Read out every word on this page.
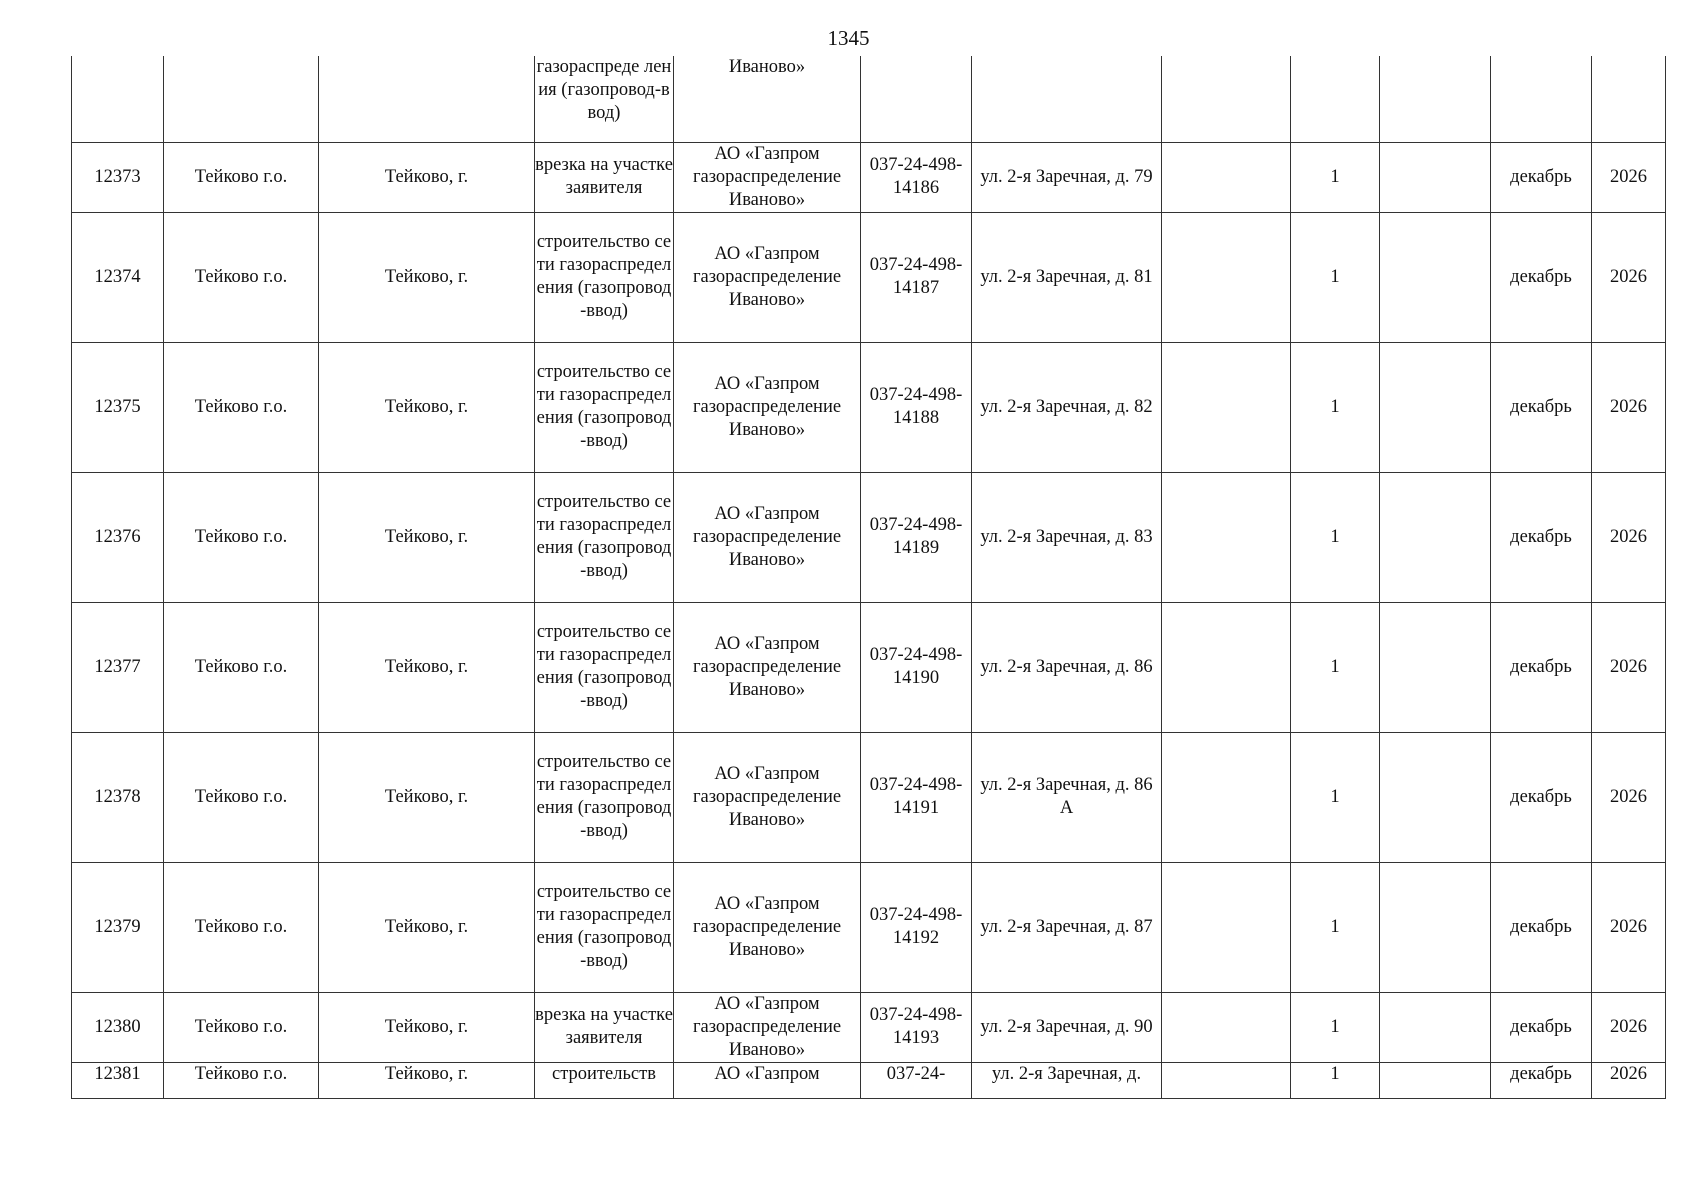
1345
			газораспреде ления (газопровод-ввод)	Иваново»							
12373	Тейково г.о.	Тейково, г.	врезка на участке заявителя	АО «Газпром газораспределение Иваново»	037-24-498-14186	ул. 2-я Заречная, д. 79		1		декабрь	2026
12374	Тейково г.о.	Тейково, г.	строительство сети газораспределения (газопровод-ввод)	АО «Газпром газораспределение Иваново»	037-24-498-14187	ул. 2-я Заречная, д. 81		1		декабрь	2026
12375	Тейково г.о.	Тейково, г.	строительство сети газораспределения (газопровод-ввод)	АО «Газпром газораспределение Иваново»	037-24-498-14188	ул. 2-я Заречная, д. 82		1		декабрь	2026
12376	Тейково г.о.	Тейково, г.	строительство сети газораспределения (газопровод-ввод)	АО «Газпром газораспределение Иваново»	037-24-498-14189	ул. 2-я Заречная, д. 83		1		декабрь	2026
12377	Тейково г.о.	Тейково, г.	строительство сети газораспределения (газопровод-ввод)	АО «Газпром газораспределение Иваново»	037-24-498-14190	ул. 2-я Заречная, д. 86		1		декабрь	2026
12378	Тейково г.о.	Тейково, г.	строительство сети газораспределения (газопровод-ввод)	АО «Газпром газораспределение Иваново»	037-24-498-14191	ул. 2-я Заречная, д. 86 А		1		декабрь	2026
12379	Тейково г.о.	Тейково, г.	строительство сети газораспределения (газопровод-ввод)	АО «Газпром газораспределение Иваново»	037-24-498-14192	ул. 2-я Заречная, д. 87		1		декабрь	2026
12380	Тейково г.о.	Тейково, г.	врезка на участке заявителя	АО «Газпром газораспределение Иваново»	037-24-498-14193	ул. 2-я Заречная, д. 90		1		декабрь	2026
12381	Тейково г.о.	Тейково, г.	строительств	АО «Газпром	037-24-	ул. 2-я Заречная, д.		1		декабрь	2026
